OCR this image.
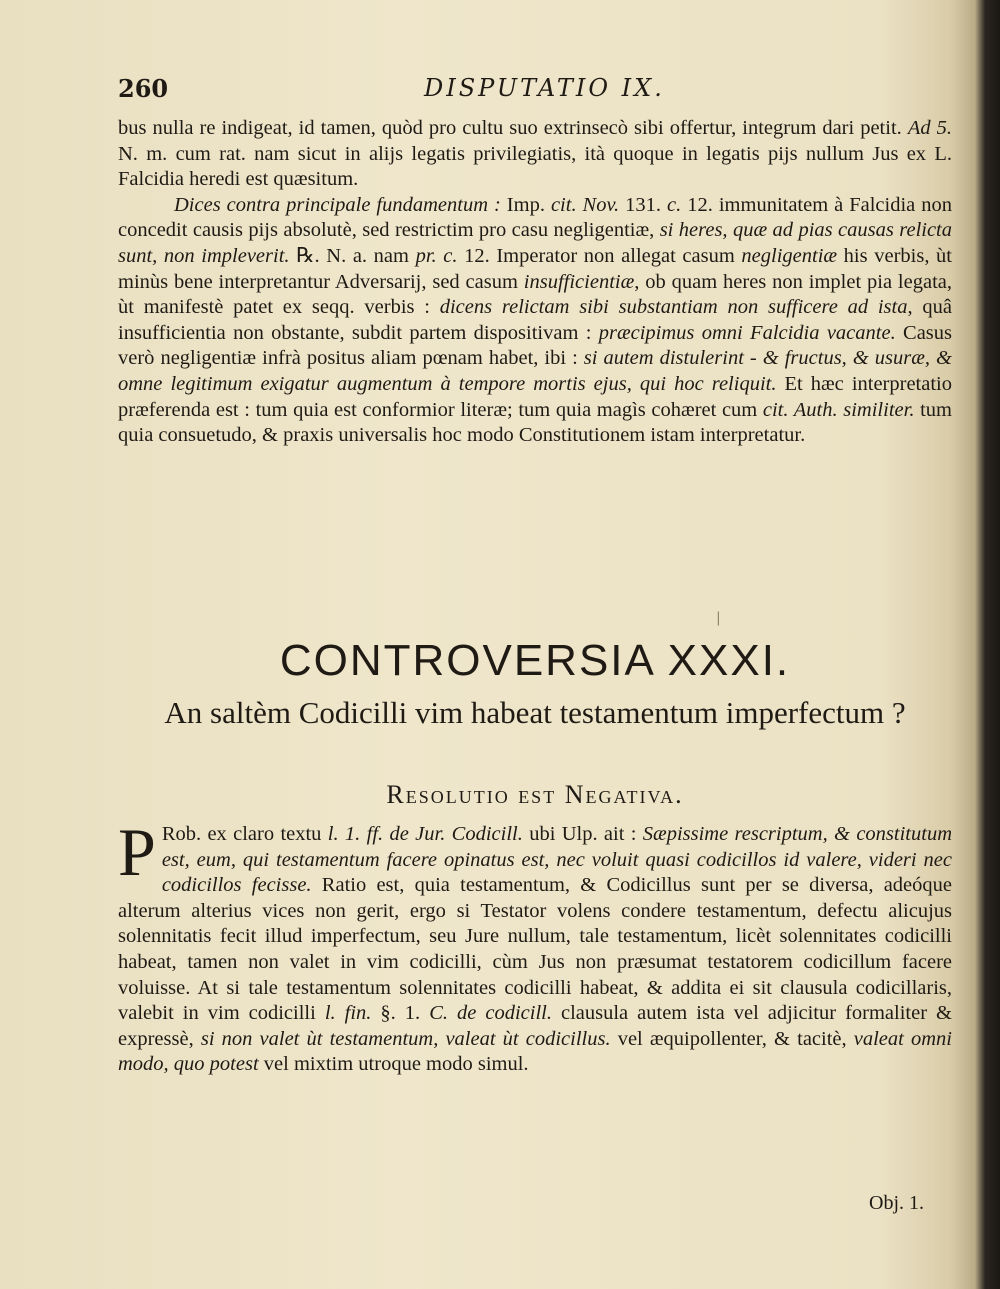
260	DISPUTATIO IX.

bus nulla re indigeat, id tamen, quòd pro cultu suo extrinsecò sibi offertur, integrum dari petit. Ad 5. N. m. cum rat. nam sicut in alijs legatis privilegiatis, ità quoque in legatis pijs nullum Jus ex L. Falcidia heredi est quæsitum.

Dices contra principale fundamentum : Imp. cit. Nov. 131. c. 12. immunitatem à Falcidia non concedit causis pijs absolutè, sed restrictim pro casu negligentiæ, si heres, quæ ad pias causas relicta sunt, non impleverit. ℞. N. a. nam pr. c. 12. Imperator non allegat casum negligentiæ his verbis, ùt minùs bene interpretantur Adversarij, sed casum insufficientiæ, ob quam heres non implet pia legata, ùt manifestè patet ex seqq. verbis : dicens relictam sibi substantiam non sufficere ad ista, quâ insufficientia non obstante, subdit partem dispositivam : præcipimus omni Falcidia vacante. Casus verò negligentiæ infrà positus aliam pœnam habet, ibi : si autem distulerint - & fructus, & usuræ, & omne legitimum exigatur augmentum à tempore mortis ejus, qui hoc reliquit. Et hæc interpretatio præferenda est : tum quia est conformior literæ; tum quia magìs cohæret cum cit. Auth. similiter. tum quia consuetudo, & praxis universalis hoc modo Constitutionem istam interpretatur.

|
CONTROVERSIA XXXI.
An saltèm Codicilli vim habeat testamentum imperfectum ?
Resolutio est Negativa.
P Rob. ex claro textu l. 1. ff. de Jur. Codicill. ubi Ulp. ait : Sæpissime rescriptum, & constitutum est, eum, qui testamentum facere opinatus est, nec voluit quasi codicillos id valere, videri nec codicillos fecisse. Ratio est, quia testamentum, & Codicillus sunt per se diversa, adeóque alterum alterius vices non gerit, ergo si Testator volens condere testamentum, defectu alicujus solennitatis fecit illud imperfectum, seu Jure nullum, tale testamentum, licèt solennitates codicilli habeat, tamen non valet in vim codicilli, cùm Jus non præsumat testatorem codicillum facere voluisse. At si tale testamentum solennitates codicilli habeat, & addita ei sit clausula codicillaris, valebit in vim codicilli l. fin. §. 1. C. de codicill. clausula autem ista vel adjicitur formaliter & expressè, si non valet ùt testamentum, valeat ùt codicillus. vel æquipollenter, & tacitè, valeat omni modo, quo potest vel mixtim utroque modo simul.
Obj. 1.
